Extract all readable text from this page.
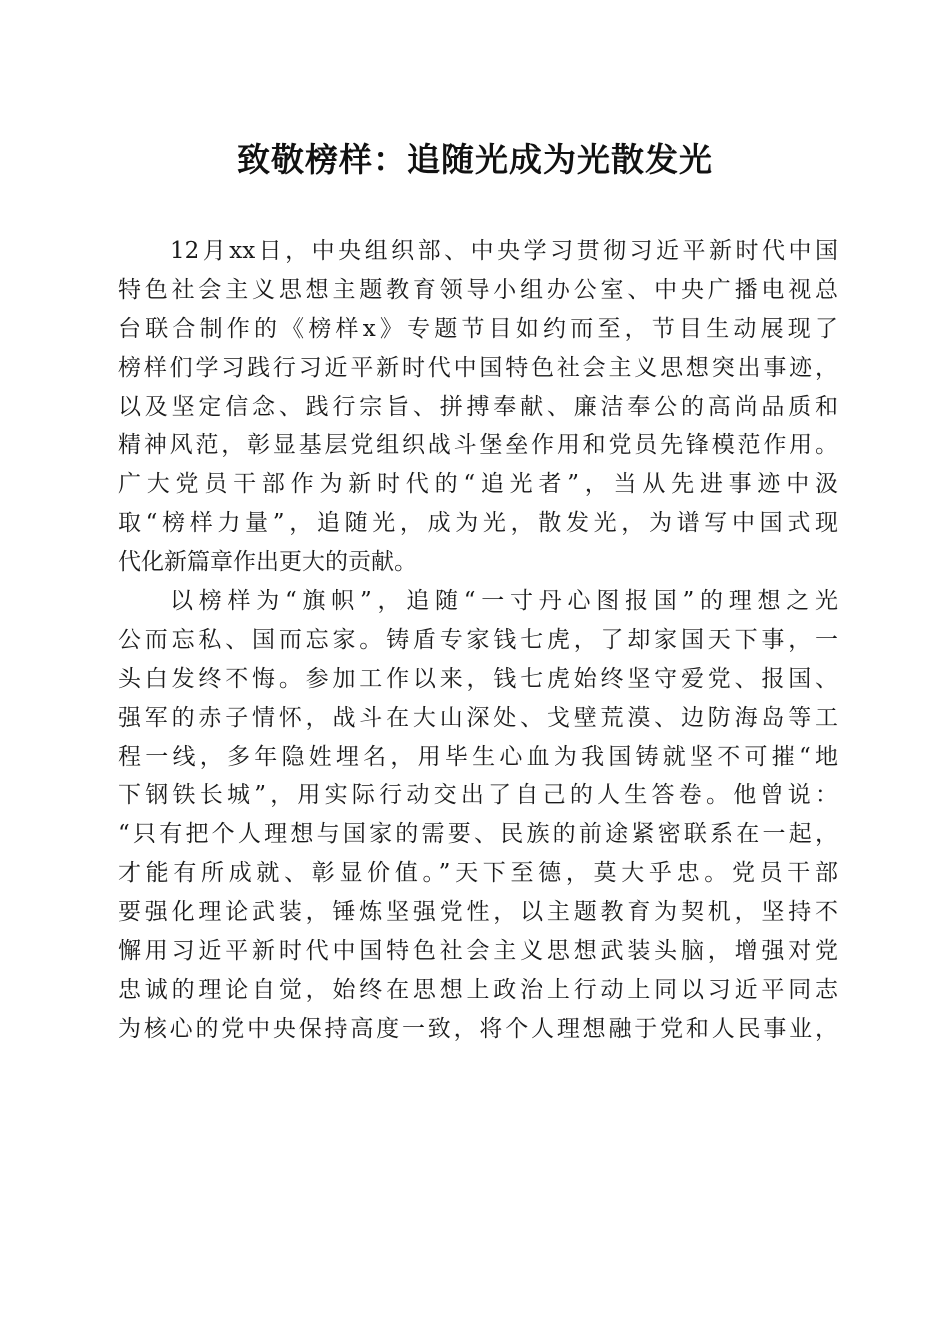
致敬榜样：追随光成为光散发光
12月xx日，中央组织部、中央学习贯彻习近平新时代中国
特色社会主义思想主题教育领导小组办公室、中央广播电视总
台联合制作的《榜样x》专题节目如约而至，节目生动展现了
榜样们学习践行习近平新时代中国特色社会主义思想突出事迹，
以及坚定信念、践行宗旨、拼搏奉献、廉洁奉公的高尚品质和
精神风范，彰显基层党组织战斗堡垒作用和党员先锋模范作用。
广大党员干部作为新时代的“追光者”，当从先进事迹中汲
取“榜样力量”，追随光，成为光，散发光，为谱写中国式现
代化新篇章作出更大的贡献。
以榜样为“旗帜”，追随“一寸丹心图报国”的理想之光
公而忘私、国而忘家。铸盾专家钱七虎，了却家国天下事，一
头白发终不悔。参加工作以来，钱七虎始终坚守爱党、报国、
强军的赤子情怀，战斗在大山深处、戈壁荒漠、边防海岛等工
程一线，多年隐姓埋名，用毕生心血为我国铸就坚不可摧“地
下钢铁长城”，用实际行动交出了自己的人生答卷。他曾说：
“只有把个人理想与国家的需要、民族的前途紧密联系在一起，
才能有所成就、彰显价值。”天下至德，莫大乎忠。党员干部
要强化理论武装，锤炼坚强党性，以主题教育为契机，坚持不
懈用习近平新时代中国特色社会主义思想武装头脑，增强对党
忠诚的理论自觉，始终在思想上政治上行动上同以习近平同志
为核心的党中央保持高度一致，将个人理想融于党和人民事业，
